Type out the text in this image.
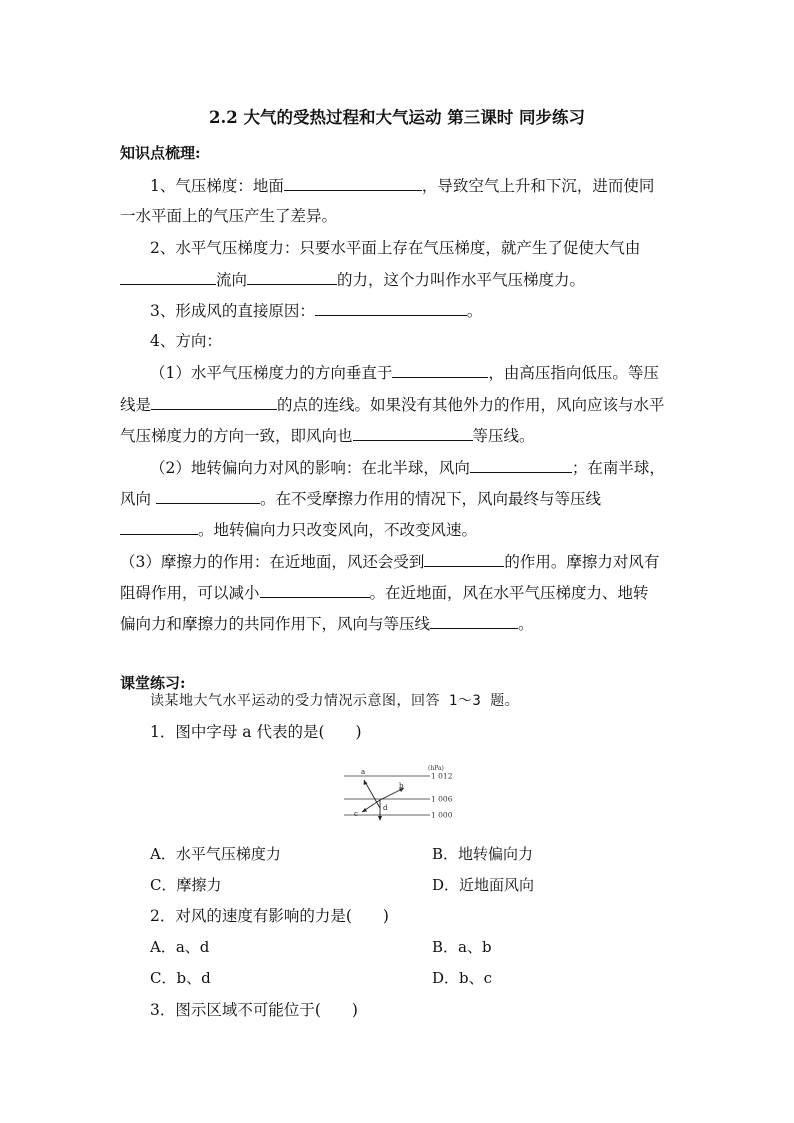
2.2 大气的受热过程和大气运动 第三课时 同步练习
知识点梳理:
1、气压梯度：地面	，导致空气上升和下沉，进而使同
一水平面上的气压产生了差异。
2、水平气压梯度力：只要水平面上存在气压梯度，就产生了促使大气由
流向	的力，这个力叫作水平气压梯度力。
3、形成风的直接原因：	。
4、方向：
（1）水平气压梯度力的方向垂直于	，由高压指向低压。等压
线是	的点的连线。如果没有其他外力的作用，风向应该与水平
气压梯度力的方向一致，即风向也	等压线。
（2）地转偏向力对风的影响：在北半球，风向	；在南半球，
风向	。在不受摩擦力作用的情况下，风向最终与等压线
。地转偏向力只改变风向，不改变风速。
（3）摩擦力的作用：在近地面，风还会受到	的作用。摩擦力对风有
阻碍作用，可以减小	。在近地面，风在水平气压梯度力、地转
偏向力和摩擦力的共同作用下，风向与等压线	。
课堂练习:
读某地大气水平运动的受力情况示意图，回答 1～3 题。
1．图中字母 a 代表的是(　　)
(hPa)
1 012
1 006
1 000
a
b
c
d
A．水平气压梯度力	B．地转偏向力
C．摩擦力	D．近地面风向
2．对风的速度有影响的力是(　　)
A．a、d	B．a、b
C．b、d	D．b、c
3．图示区域不可能位于(　　)
